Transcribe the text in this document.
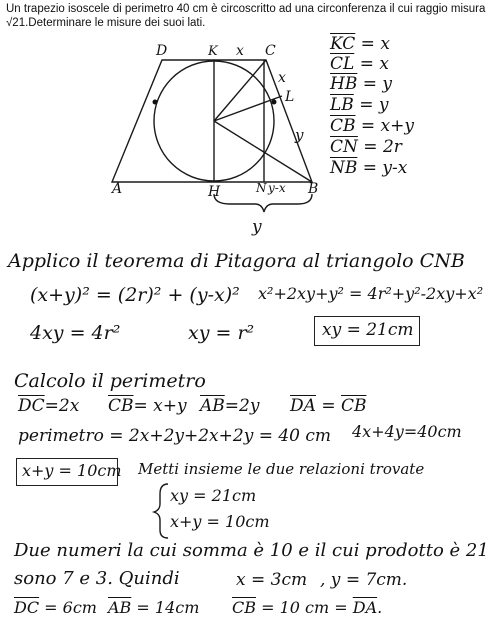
Un trapezio isoscele di perimetro 40 cm è circoscritto ad una circonferenza il cui raggio misura
√21.Determinare le misure dei suoi lati.
D	K x C
x
L
y
A	H	N y-x B
y
$\overline{KC} = x$
$\overline{CL} = x$
$\overline{HB} = y$
$\overline{LB} = y$
$\overline{CB} = x+y$
$\overline{CN} = 2r$
$\overline{NB} = y-x$
Applico il teorema di Pitagora al triangolo CNB
(x+y)² = (2r)² + (y-x)² x²+2xy+y² = 4r²+y²-2xy+x²
4xy = 4r²	xy = r²	xy = 21cm
Calcolo il perimetro
$\overline{DC}=2x$ $\overline{CB}= x+y$ $\overline{AB}=2y$ $\overline{DA} = \overline{CB}$
perimetro = 2x+2y+2x+2y = 40 cm 4x+4y=40cm
x+y = 10cm Metti insieme le due relazioni trovate
xy = 21cm
x+y = 10cm
Due numeri la cui somma è 10 e il cui prodotto è 21
sono 7 e 3. Quindi	x = 3cm , y = 7cm.
$\overline{DC} = 6cm$ $\overline{AB} = 14cm$ $\overline{CB} = 10$ cm = $\overline{DA}$.
